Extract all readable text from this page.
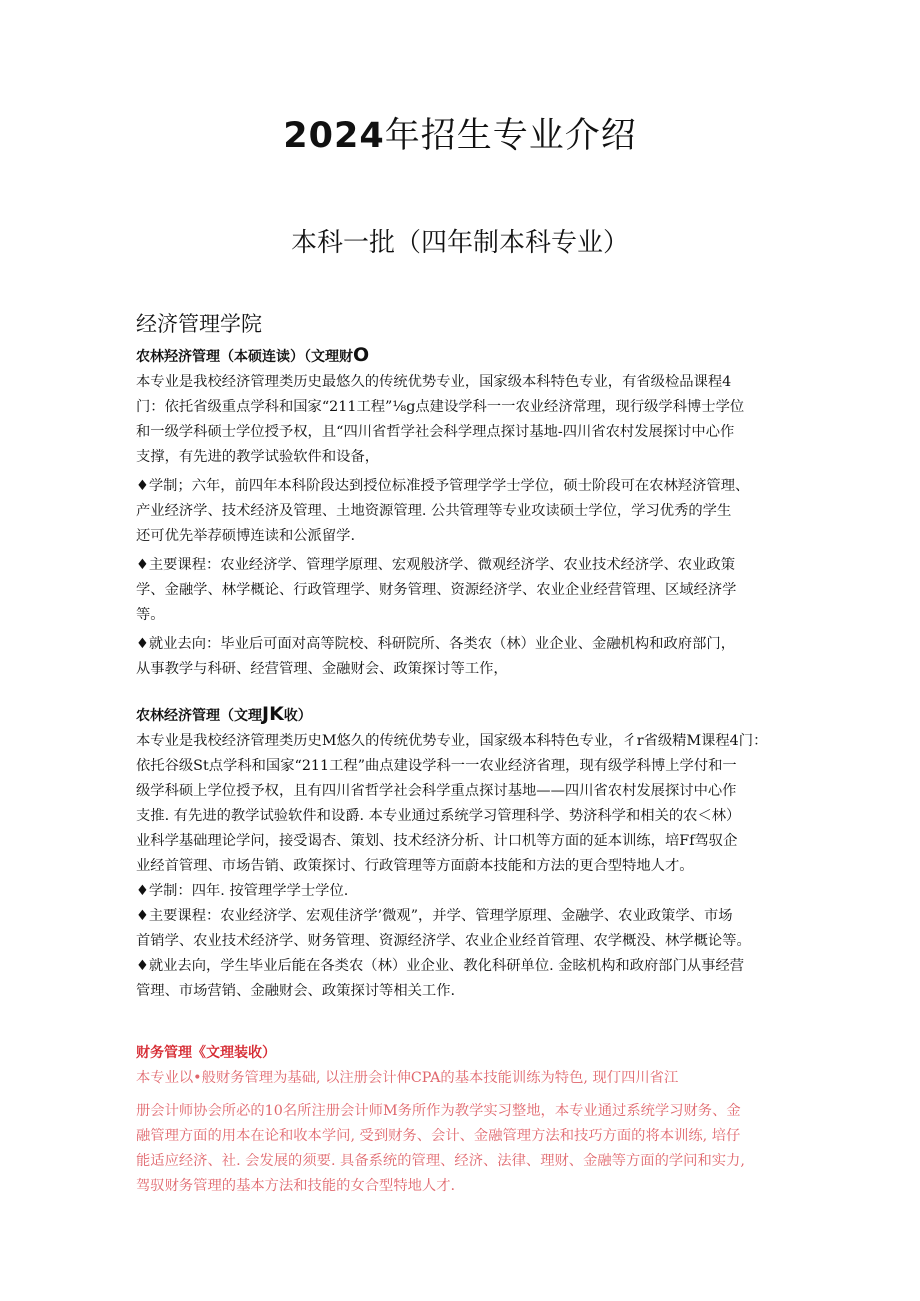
2024年招生专业介绍
本科一批（四年制本科专业）
经济管理学院

农林羟济管理（本硕连读）（文理财O

本专业是我校经济管理类历史最悠久的传统优势专业，国家级本科特色专业，有省级检品课程4

门：依托省级重点学科和国家“211工程”⅛g点建设学科一一农业经济常理，现行级学科博士学位

和一级学科硕士学位授予权，且“四川省哲学社会科学理点探讨基地-四川省农村发展探讨中心作

支撑，有先进的教学试验软件和设备，

♦学制；六年，前四年本科阶段达到授位标准授予管理学学士学位，硕士阶段可在农林羟济管理、

产业经济学、技术经济及管理、土地资源管理. 公共管理等专业攻读硕士学位，学习优秀的学生

还可优先举荐硕博连读和公派留学.

♦主要课程：农业经济学、管理学原理、宏观般济学、微观经济学、农业技术经济学、农业政策

学、金融学、林学概论、行政管理学、财务管理、资源经济学、农业企业经营管理、区域经济学

等。

♦就业去向：毕业后可面对高等院校、科研院所、各类农（林）业企业、金融机构和政府部门，

从事教学与科研、经营管理、金融财会、政策探讨等工作，

农林经济管理（文理JK收）

本专业是我校经济管理类历史M悠久的传统优势专业，国家级本科特色专业，彳r省级精M课程4门：

依托谷级St点学科和国家“211工程”曲点建设学科一一农业经济省理，现有级学科博上学付和一

级学科硕上学位授予权，且有四川省哲学社会科学重点探讨基地——四川省农村发展探讨中心作

支推. 有先进的教学试验软件和设爵. 本专业通过系统学习管理科学、势济科学和相关的农＜林）

业科学基础理论学问，接受谒杏、策划、技术经济分析、计口机等方面的延本训练，培Ff驾驭企

业经首管理、市场告销、政策探讨、行政管理等方面蔚本技能和方法的更合型特地人才。

♦学制：四年. 按管理学学士学位.

♦主要课程：农业经济学、宏观佳济学’微观”，并学、管理学原理、金融学、农业政策学、市场

首销学、农业技术经济学、财务管理、资源经济学、农业企业经首管理、农学概没、林学概论等。

♦就业去向，学生毕业后能在各类农（林）业企业、教化科研单位. 金眩机构和政府部门从事经营

管理、市场营销、金融财会、政策探讨等相关工作.

财务管理《文理装收）

本专业以•般财务管理为基础, 以注册会计伸CPA的基本技能训练为特色, 现仃四川省江

册会计师协会所必的10名所注册会计师M务所作为教学实习整地，本专业通过系统学习财务、金

融管理方面的用本在论和收本学问, 受到财务、会计、金融管理方法和技巧方面的将本训练, 培仔

能适应经济、社. 会发展的须要. 具备系统的管理、经济、法律、理财、金融等方面的学问和实力,

驾驭财务管理的基本方法和技能的女合型特地人才.
